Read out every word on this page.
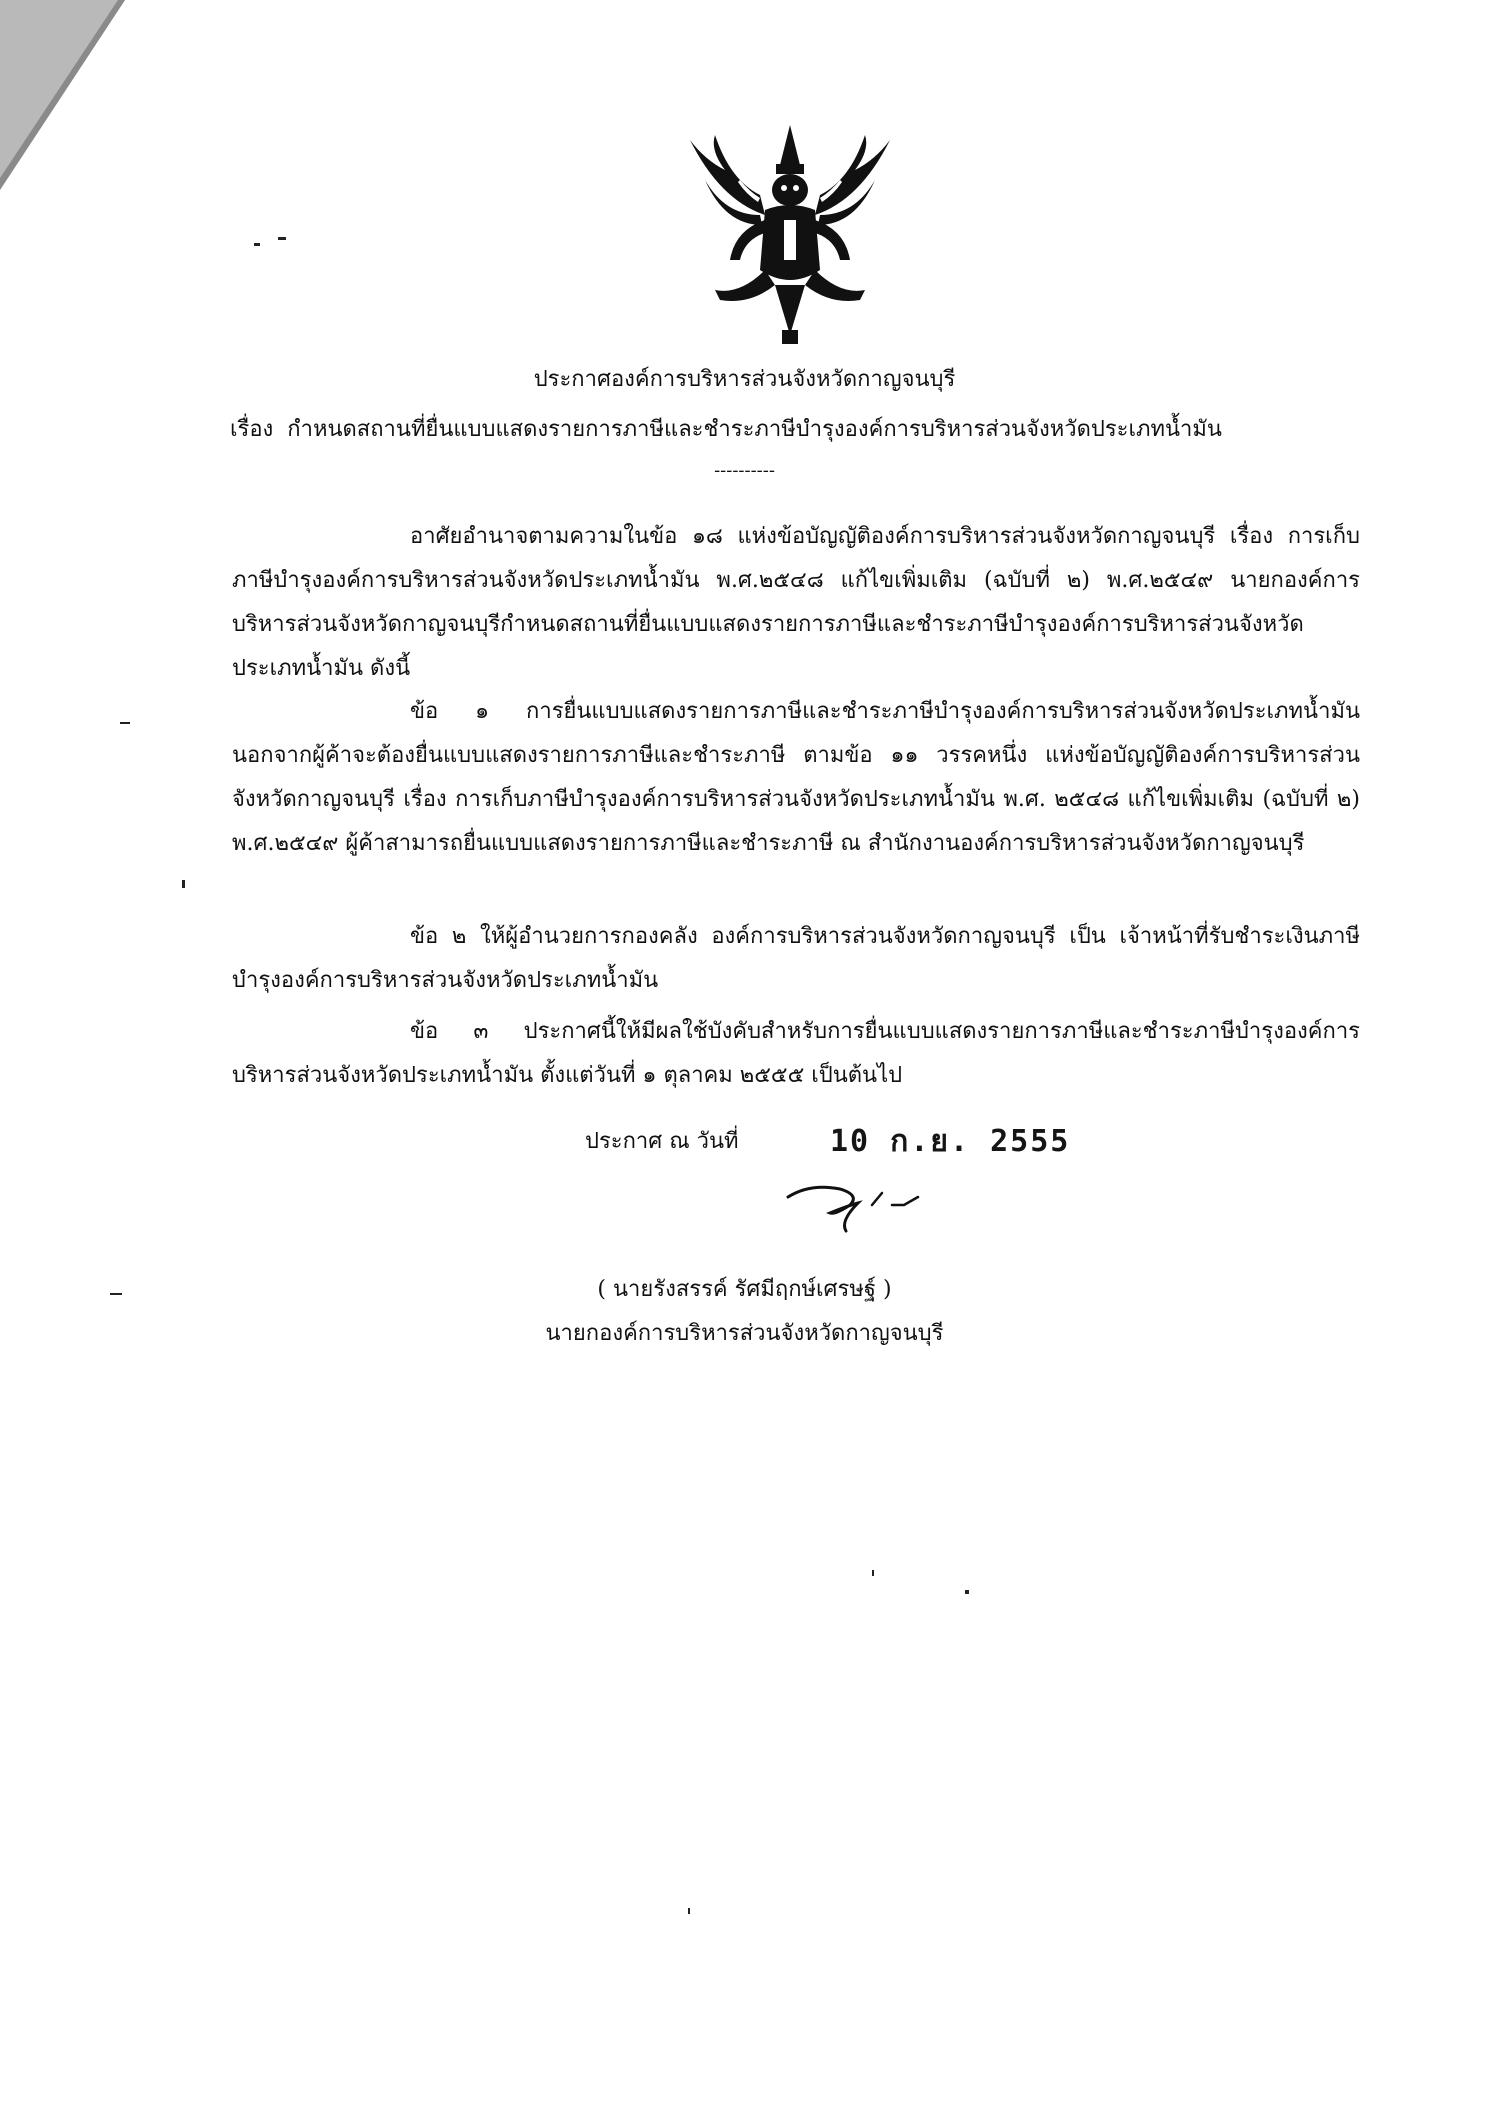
ประกาศองค์การบริหารส่วนจังหวัดกาญจนบุรี
เรื่อง กำหนดสถานที่ยื่นแบบแสดงรายการภาษีและชำระภาษีบำรุงองค์การบริหารส่วนจังหวัดประเภทน้ำมัน
----------

อาศัยอำนาจตามความในข้อ ๑๘ แห่งข้อบัญญัติองค์การบริหารส่วนจังหวัดกาญจนบุรี เรื่อง การเก็บภาษีบำรุงองค์การบริหารส่วนจังหวัดประเภทน้ำมัน พ.ศ.๒๕๔๘ แก้ไขเพิ่มเติม (ฉบับที่ ๒) พ.ศ.๒๕๔๙ นายกองค์การบริหารส่วนจังหวัดกาญจนบุรีกำหนดสถานที่ยื่นแบบแสดงรายการภาษีและชำระภาษีบำรุงองค์การบริหารส่วนจังหวัดประเภทน้ำมัน ดังนี้

ข้อ ๑ การยื่นแบบแสดงรายการภาษีและชำระภาษีบำรุงองค์การบริหารส่วนจังหวัดประเภทน้ำมัน นอกจากผู้ค้าจะต้องยื่นแบบแสดงรายการภาษีและชำระภาษี ตามข้อ ๑๑ วรรคหนึ่ง แห่งข้อบัญญัติองค์การบริหารส่วนจังหวัดกาญจนบุรี เรื่อง การเก็บภาษีบำรุงองค์การบริหารส่วนจังหวัดประเภทน้ำมัน พ.ศ. ๒๕๔๘ แก้ไขเพิ่มเติม (ฉบับที่ ๒) พ.ศ.๒๕๔๙ ผู้ค้าสามารถยื่นแบบแสดงรายการภาษีและชำระภาษี ณ สำนักงานองค์การบริหารส่วนจังหวัดกาญจนบุรี

ข้อ ๒ ให้ผู้อำนวยการกองคลัง องค์การบริหารส่วนจังหวัดกาญจนบุรี เป็น เจ้าหน้าที่รับชำระเงินภาษีบำรุงองค์การบริหารส่วนจังหวัดประเภทน้ำมัน

ข้อ ๓ ประกาศนี้ให้มีผลใช้บังคับสำหรับการยื่นแบบแสดงรายการภาษีและชำระภาษีบำรุงองค์การบริหารส่วนจังหวัดประเภทน้ำมัน ตั้งแต่วันที่ ๑ ตุลาคม ๒๕๕๕ เป็นต้นไป

ประกาศ ณ วันที่	10 ก.ย. 2555
( นายรังสรรค์ รัศมีฤกษ์เศรษฐ์ )
นายกองค์การบริหารส่วนจังหวัดกาญจนบุรี
